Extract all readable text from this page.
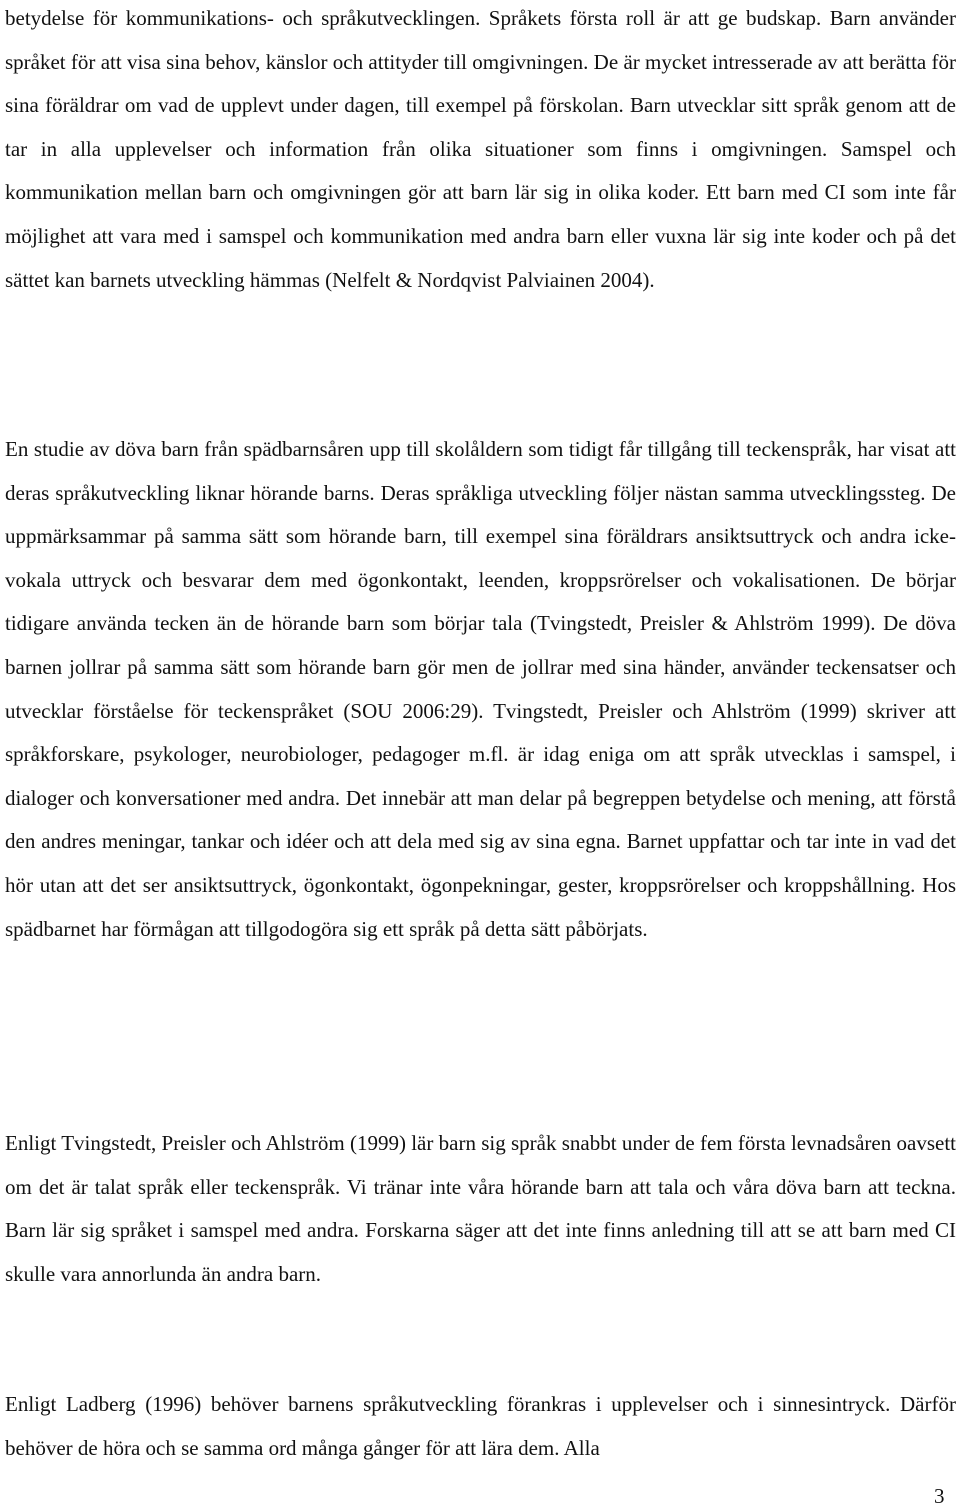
betydelse för kommunikations- och språkutvecklingen. Språkets första roll är att ge budskap. Barn använder språket för att visa sina behov, känslor och attityder till omgivningen. De är mycket intresserade av att berätta för sina föräldrar om vad de upplevt under dagen, till exempel på förskolan. Barn utvecklar sitt språk genom att de tar in alla upplevelser och information från olika situationer som finns i omgivningen. Samspel och kommunikation mellan barn och omgivningen gör att barn lär sig in olika koder. Ett barn med CI som inte får möjlighet att vara med i samspel och kommunikation med andra barn eller vuxna lär sig inte koder och på det sättet kan barnets utveckling hämmas (Nelfelt & Nordqvist Palviainen 2004).

En studie av döva barn från spädbarnsåren upp till skolåldern som tidigt får tillgång till teckenspråk, har visat att deras språkutveckling liknar hörande barns. Deras språkliga utveckling följer nästan samma utvecklingssteg. De uppmärksammar på samma sätt som hörande barn, till exempel sina föräldrars ansiktsuttryck och andra icke-vokala uttryck och besvarar dem med ögonkontakt, leenden, kroppsrörelser och vokalisationen. De börjar tidigare använda tecken än de hörande barn som börjar tala (Tvingstedt, Preisler & Ahlström 1999). De döva barnen jollrar på samma sätt som hörande barn gör men de jollrar med sina händer, använder teckensatser och utvecklar förståelse för teckenspråket (SOU 2006:29). Tvingstedt, Preisler och Ahlström (1999) skriver att språkforskare, psykologer, neurobiologer, pedagoger m.fl. är idag eniga om att språk utvecklas i samspel, i dialoger och konversationer med andra. Det innebär att man delar på begreppen betydelse och mening, att förstå den andres meningar, tankar och idéer och att dela med sig av sina egna. Barnet uppfattar och tar inte in vad det hör utan att det ser ansiktsuttryck, ögonkontakt, ögonpekningar, gester, kroppsrörelser och kroppshållning. Hos spädbarnet har förmågan att tillgodogöra sig ett språk på detta sätt påbörjats.

Enligt Tvingstedt, Preisler och Ahlström (1999) lär barn sig språk snabbt under de fem första levnadsåren oavsett om det är talat språk eller teckenspråk. Vi tränar inte våra hörande barn att tala och våra döva barn att teckna. Barn lär sig språket i samspel med andra. Forskarna säger att det inte finns anledning till att se att barn med CI skulle vara annorlunda än andra barn.

Enligt Ladberg (1996) behöver barnens språkutveckling förankras i upplevelser och i sinnesintryck. Därför behöver de höra och se samma ord många gånger för att lära dem. Alla

3
